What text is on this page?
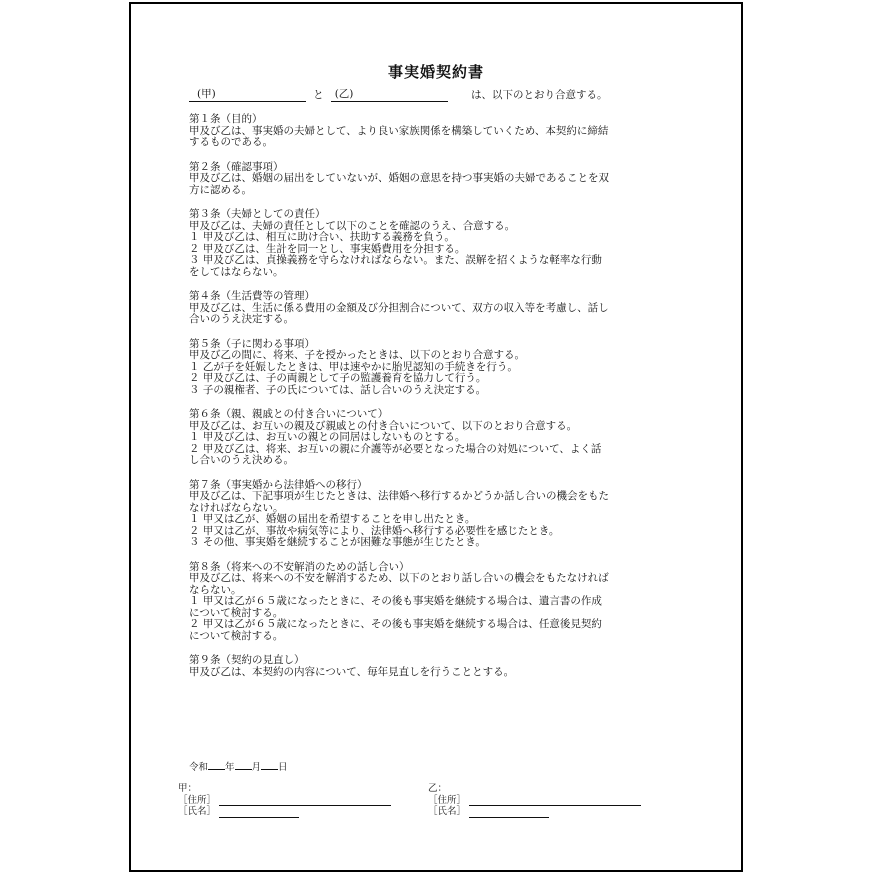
事実婚契約書
(甲)	と (乙)	は、以下のとおり合意する。

第１条（目的）

甲及び乙は、事実婚の夫婦として、より良い家族関係を構築していくため、本契約に締結

するものである。

第２条（確認事項）

甲及び乙は、婚姻の届出をしていないが、婚姻の意思を持つ事実婚の夫婦であることを双

方に認める。

第３条（夫婦としての責任）

甲及び乙は、夫婦の責任として以下のことを確認のうえ、合意する。

１ 甲及び乙は、相互に助け合い、扶助する義務を負う。

２ 甲及び乙は、生計を同一とし、事実婚費用を分担する。

３ 甲及び乙は、貞操義務を守らなければならない。また、誤解を招くような軽率な行動

をしてはならない。

第４条（生活費等の管理）

甲及び乙は、生活に係る費用の金額及び分担割合について、双方の収入等を考慮し、話し

合いのうえ決定する。

第５条（子に関わる事項）

甲及び乙の間に、将来、子を授かったときは、以下のとおり合意する。

１ 乙が子を妊娠したときは、甲は速やかに胎児認知の手続きを行う。

２ 甲及び乙は、子の両親として子の監護養育を協力して行う。

３ 子の親権者、子の氏については、話し合いのうえ決定する。

第６条（親、親戚との付き合いについて）

甲及び乙は、お互いの親及び親戚との付き合いについて、以下のとおり合意する。

１ 甲及び乙は、お互いの親との同居はしないものとする。

２ 甲及び乙は、将来、お互いの親に介護等が必要となった場合の対処について、よく話

し合いのうえ決める。

第７条（事実婚から法律婚への移行）

甲及び乙は、下記事項が生じたときは、法律婚へ移行するかどうか話し合いの機会をもた

なければならない。

１ 甲又は乙が、婚姻の届出を希望することを申し出たとき。

２ 甲又は乙が、事故や病気等により、法律婚へ移行する必要性を感じたとき。

３ その他、事実婚を継続することが困難な事態が生じたとき。

第８条（将来への不安解消のための話し合い）

甲及び乙は、将来への不安を解消するため、以下のとおり話し合いの機会をもたなければ

ならない。

１ 甲又は乙が６５歳になったときに、その後も事実婚を継続する場合は、遺言書の作成

について検討する。

２ 甲又は乙が６５歳になったときに、その後も事実婚を継続する場合は、任意後見契約

について検討する。

第９条（契約の見直し）

甲及び乙は、本契約の内容について、毎年見直しを行うこととする。

令和 年 月 日
甲：
［住所］
［氏名］
乙：
［住所］
［氏名］
